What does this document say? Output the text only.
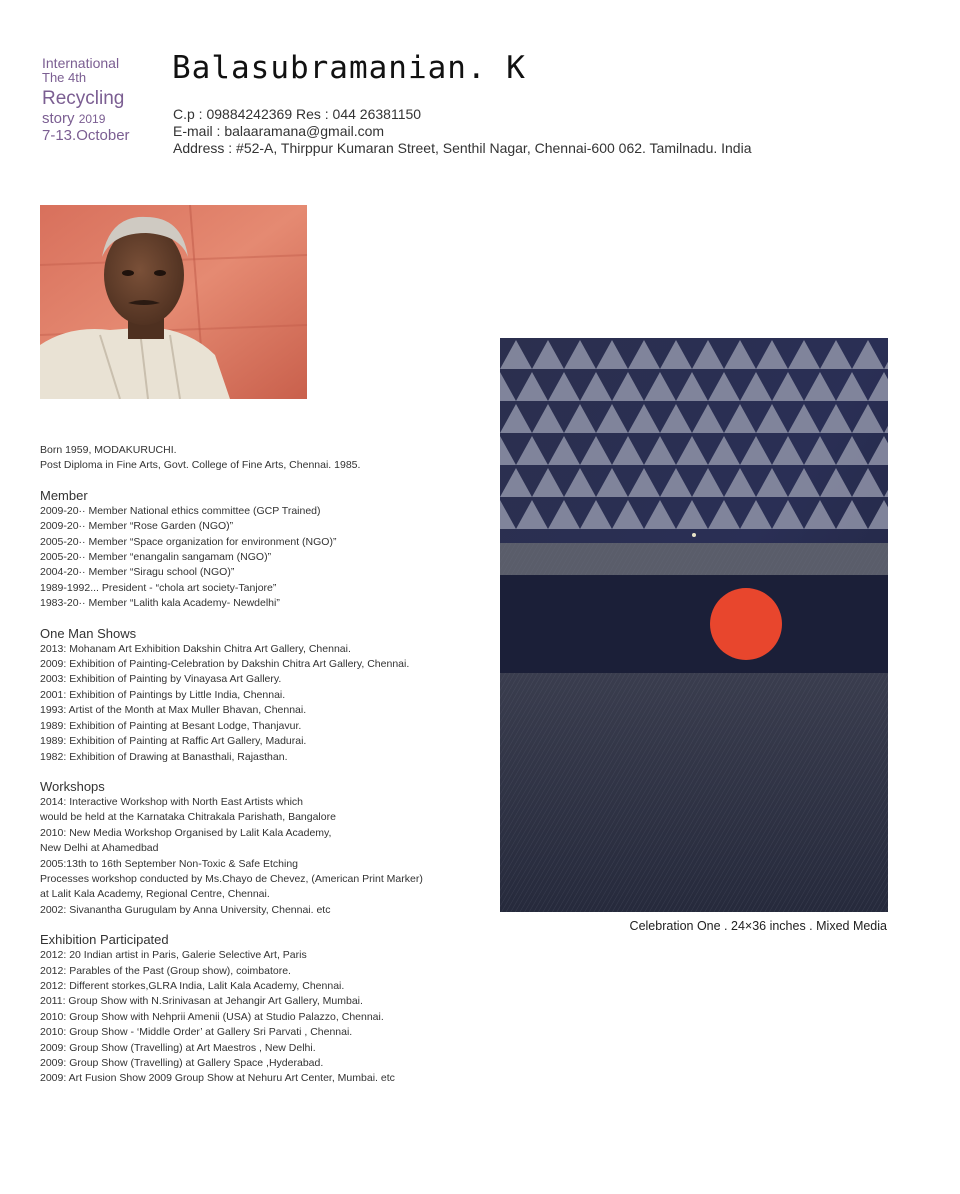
International
The 4th
Recycling
story 2019
7-13.October
Balasubramanian. K
C.p : 09884242369 Res : 044 26381150
E-mail : balaaramana@gmail.com
Address : #52-A, Thirppur Kumaran Street, Senthil Nagar, Chennai-600 062. Tamilnadu. India
Born 1959, MODAKURUCHI.
Post Diploma in Fine Arts, Govt. College of Fine Arts, Chennai. 1985.
Member
2009-20·· Member National ethics committee (GCP Trained)
2009-20·· Member “Rose Garden (NGO)”
2005-20·· Member “Space organization for environment (NGO)”
2005-20·· Member “enangalin sangamam (NGO)”
2004-20·· Member “Siragu school (NGO)”
1989-1992... President - “chola art society-Tanjore”
1983-20·· Member “Lalith kala Academy- Newdelhi”
One Man Shows
2013: Mohanam Art Exhibition Dakshin Chitra Art Gallery, Chennai.
2009: Exhibition of Painting-Celebration by Dakshin Chitra Art Gallery, Chennai.
2003: Exhibition of Painting by Vinayasa Art Gallery.
2001: Exhibition of Paintings by Little India, Chennai.
1993: Artist of the Month at Max Muller Bhavan, Chennai.
1989: Exhibition of Painting at Besant Lodge, Thanjavur.
1989: Exhibition of Painting at Raffic Art Gallery, Madurai.
1982: Exhibition of Drawing at Banasthali, Rajasthan.
Workshops
2014: Interactive Workshop with North East Artists which
would be held at the Karnataka Chitrakala Parishath, Bangalore
2010: New Media Workshop Organised by Lalit Kala Academy,
New Delhi at Ahamedbad
2005:13th to 16th September Non-Toxic & Safe Etching
Processes workshop conducted by Ms.Chayo de Chevez, (American Print Marker)
at Lalit Kala Academy, Regional Centre, Chennai.
2002: Sivanantha Gurugulam by Anna University, Chennai. etc
Exhibition Participated
2012: 20 Indian artist in Paris, Galerie Selective Art, Paris
2012: Parables of the Past (Group show), coimbatore.
2012: Different storkes,GLRA India, Lalit Kala Academy, Chennai.
2011: Group Show with N.Srinivasan at Jehangir Art Gallery, Mumbai.
2010: Group Show with Nehprii Amenii (USA) at Studio Palazzo, Chennai.
2010: Group Show - ‘Middle Order’ at Gallery Sri Parvati , Chennai.
2009: Group Show (Travelling) at Art Maestros , New Delhi.
2009: Group Show (Travelling) at Gallery Space ,Hyderabad.
2009: Art Fusion Show 2009 Group Show at Nehuru Art Center, Mumbai. etc
Celebration One . 24×36 inches . Mixed Media
